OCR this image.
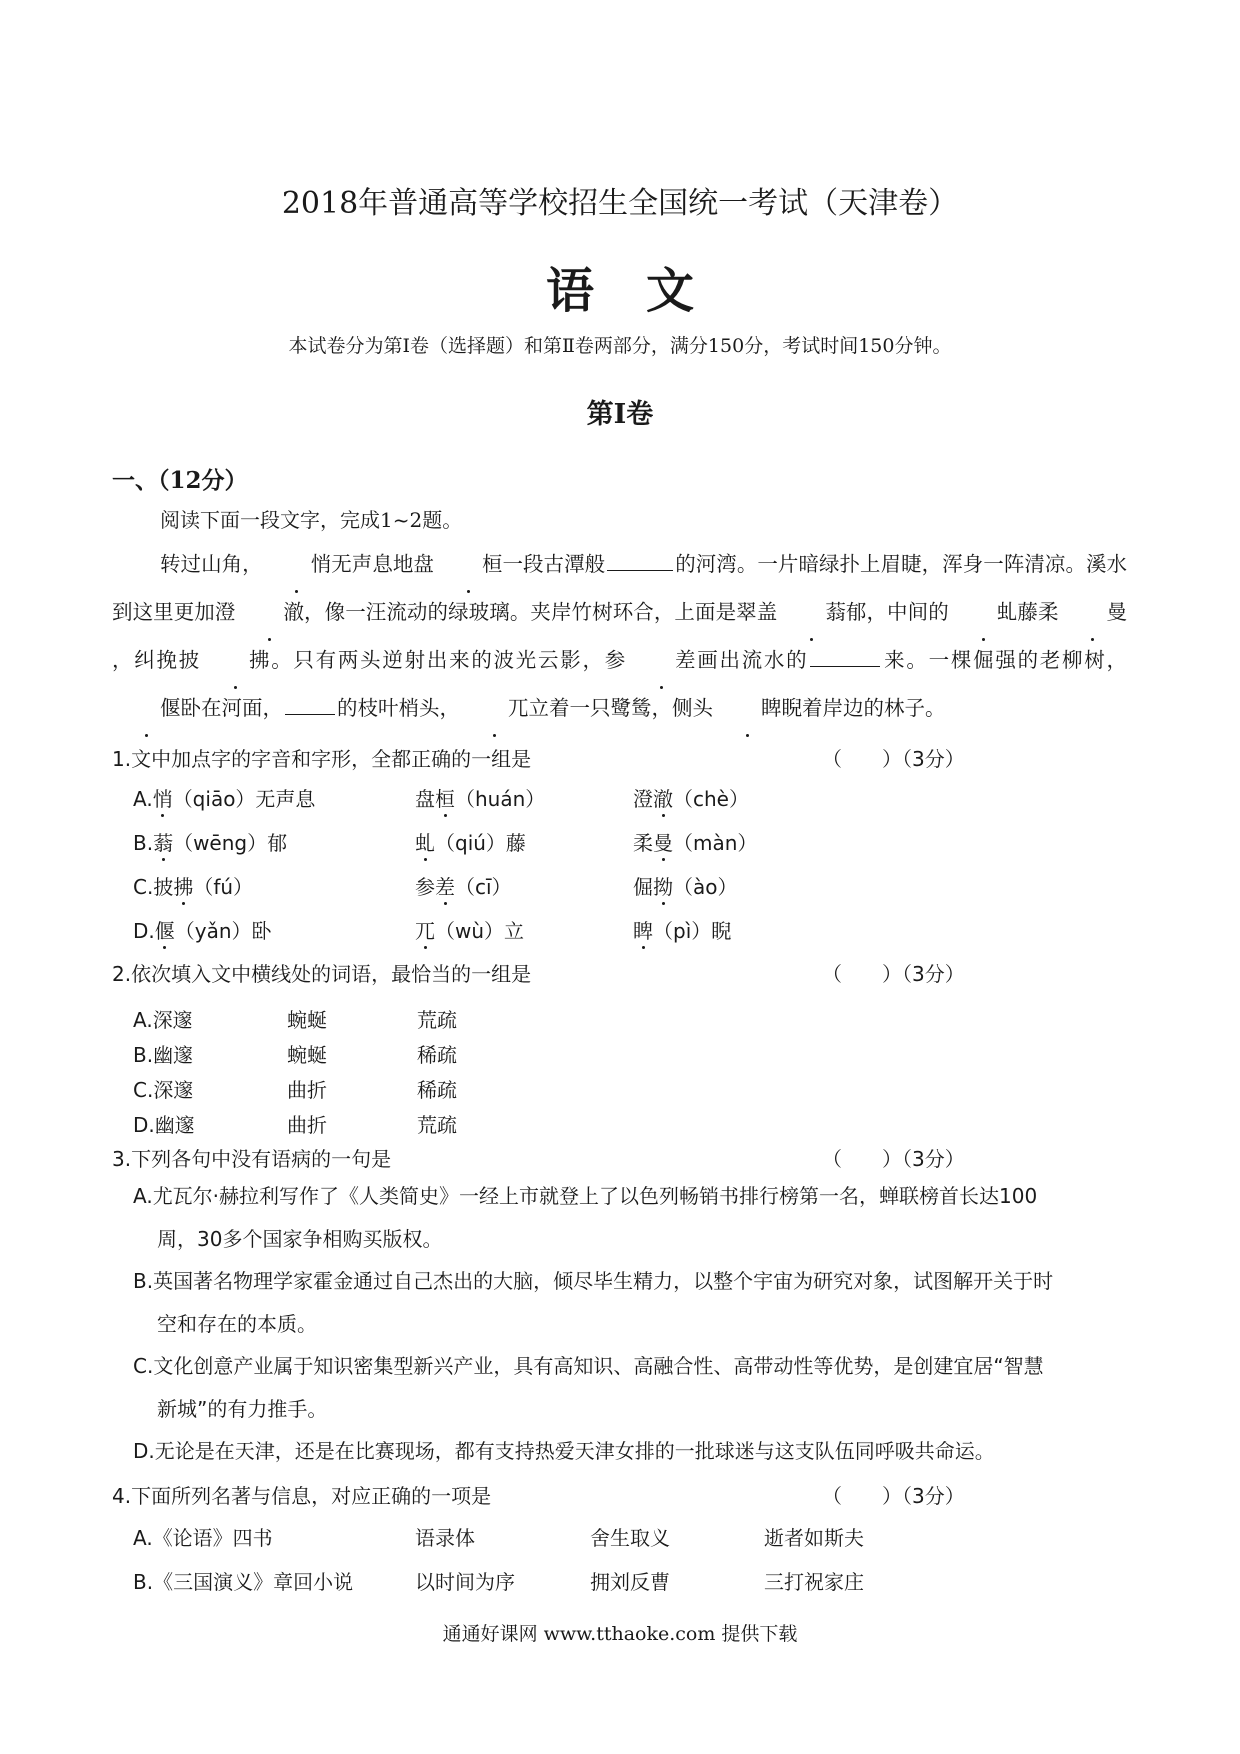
2018年普通高等学校招生全国统一考试（天津卷）
语文
本试卷分为第Ⅰ卷（选择题）和第Ⅱ卷两部分，满分150分，考试时间150分钟。
第Ⅰ卷
一、（12分）
阅读下面一段文字，完成1~2题。
转过山角， 悄无声息地盘 桓一段古潭般	的河湾。一片暗绿扑上眉睫，浑身一阵清凉。溪水到这里更加澄 澈，像一汪流动的绿玻璃。夹岸竹树环合，上面是翠盖 蓊郁，中间的 虬藤柔 曼，纠挽披 拂。只有两头逆射出来的波光云影，参 差画出流水的	来。一棵倔强的老柳树，偃卧在河面，	的枝叶梢头， 兀立着一只鹭鸶，侧头 睥睨着岸边的林子。
1.文中加点字的字音和字形，全都正确的一组是	（　　）（3分）
A.悄（qiāo）无声息	盘桓（huán）	澄澈（chè）
B.蓊（wēng）郁	虬（qiú）藤	柔曼（màn）
C.披拂（fú）	参差（cī）	倔拗（ào）
D.偃（yǎn）卧	兀（wù）立	睥（pì）睨
2.依次填入文中横线处的词语，最恰当的一组是	（　　）（3分）
A.深邃	蜿蜒	荒疏
B.幽邃	蜿蜒	稀疏
C.深邃	曲折	稀疏
D.幽邃	曲折	荒疏
3.下列各句中没有语病的一句是	（　　）（3分）
A.尤瓦尔·赫拉利写作了《人类简史》一经上市就登上了以色列畅销书排行榜第一名，蝉联榜首长达100
周，30多个国家争相购买版权。
B.英国著名物理学家霍金通过自己杰出的大脑，倾尽毕生精力，以整个宇宙为研究对象，试图解开关于时
空和存在的本质。
C.文化创意产业属于知识密集型新兴产业，具有高知识、高融合性、高带动性等优势，是创建宜居“智慧
新城”的有力推手。
D.无论是在天津，还是在比赛现场，都有支持热爱天津女排的一批球迷与这支队伍同呼吸共命运。
4.下面所列名著与信息，对应正确的一项是	（　　）（3分）
A.《论语》四书	语录体	舍生取义	逝者如斯夫
B.《三国演义》章回小说	以时间为序	拥刘反曹	三打祝家庄
通通好课网 www.tthaoke.com 提供下载
